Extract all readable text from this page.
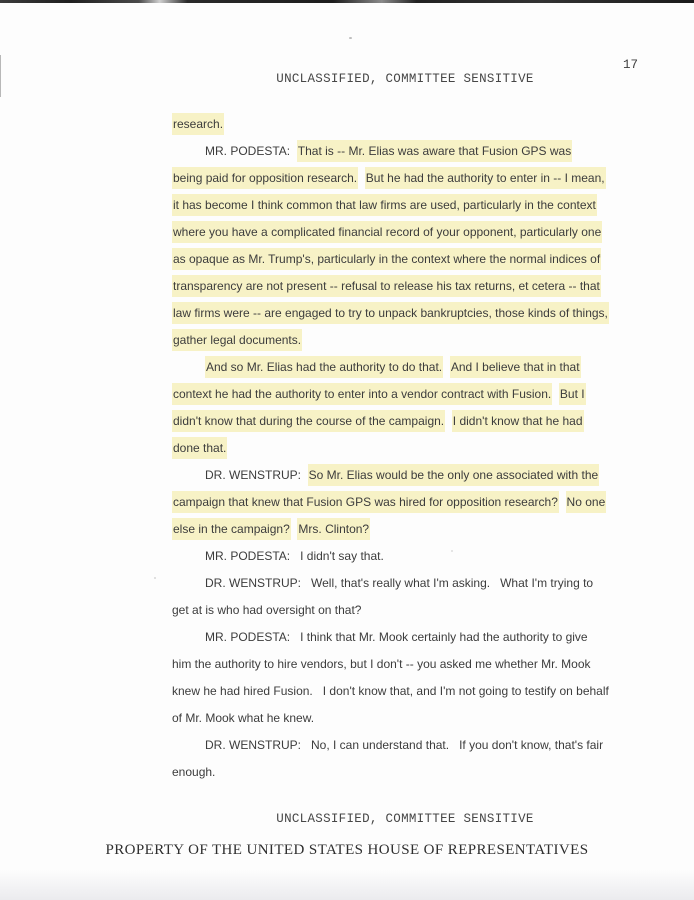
17
UNCLASSIFIED, COMMITTEE SENSITIVE
research.
MR. PODESTA:  That is -- Mr. Elias was aware that Fusion GPS was
being paid for opposition research. But he had the authority to enter in -- I mean,
it has become I think common that law firms are used, particularly in the context
where you have a complicated financial record of your opponent, particularly one
as opaque as Mr. Trump's, particularly in the context where the normal indices of
transparency are not present -- refusal to release his tax returns, et cetera -- that
law firms were -- are engaged to try to unpack bankruptcies, those kinds of things,
gather legal documents.
And so Mr. Elias had the authority to do that. And I believe that in that
context he had the authority to enter into a vendor contract with Fusion. But I
didn't know that during the course of the campaign. I didn't know that he had
done that.
DR. WENSTRUP:  So Mr. Elias would be the only one associated with the
campaign that knew that Fusion GPS was hired for opposition research? No one
else in the campaign? Mrs. Clinton?
MR. PODESTA:   I didn't say that.
DR. WENSTRUP:   Well, that's really what I'm asking.   What I'm trying to
get at is who had oversight on that?
MR. PODESTA:   I think that Mr. Mook certainly had the authority to give
him the authority to hire vendors, but I don't -- you asked me whether Mr. Mook
knew he had hired Fusion.   I don't know that, and I'm not going to testify on behalf
of Mr. Mook what he knew.
DR. WENSTRUP:   No, I can understand that.   If you don't know, that's fair
enough.
UNCLASSIFIED, COMMITTEE SENSITIVE
PROPERTY OF THE UNITED STATES HOUSE OF REPRESENTATIVES
